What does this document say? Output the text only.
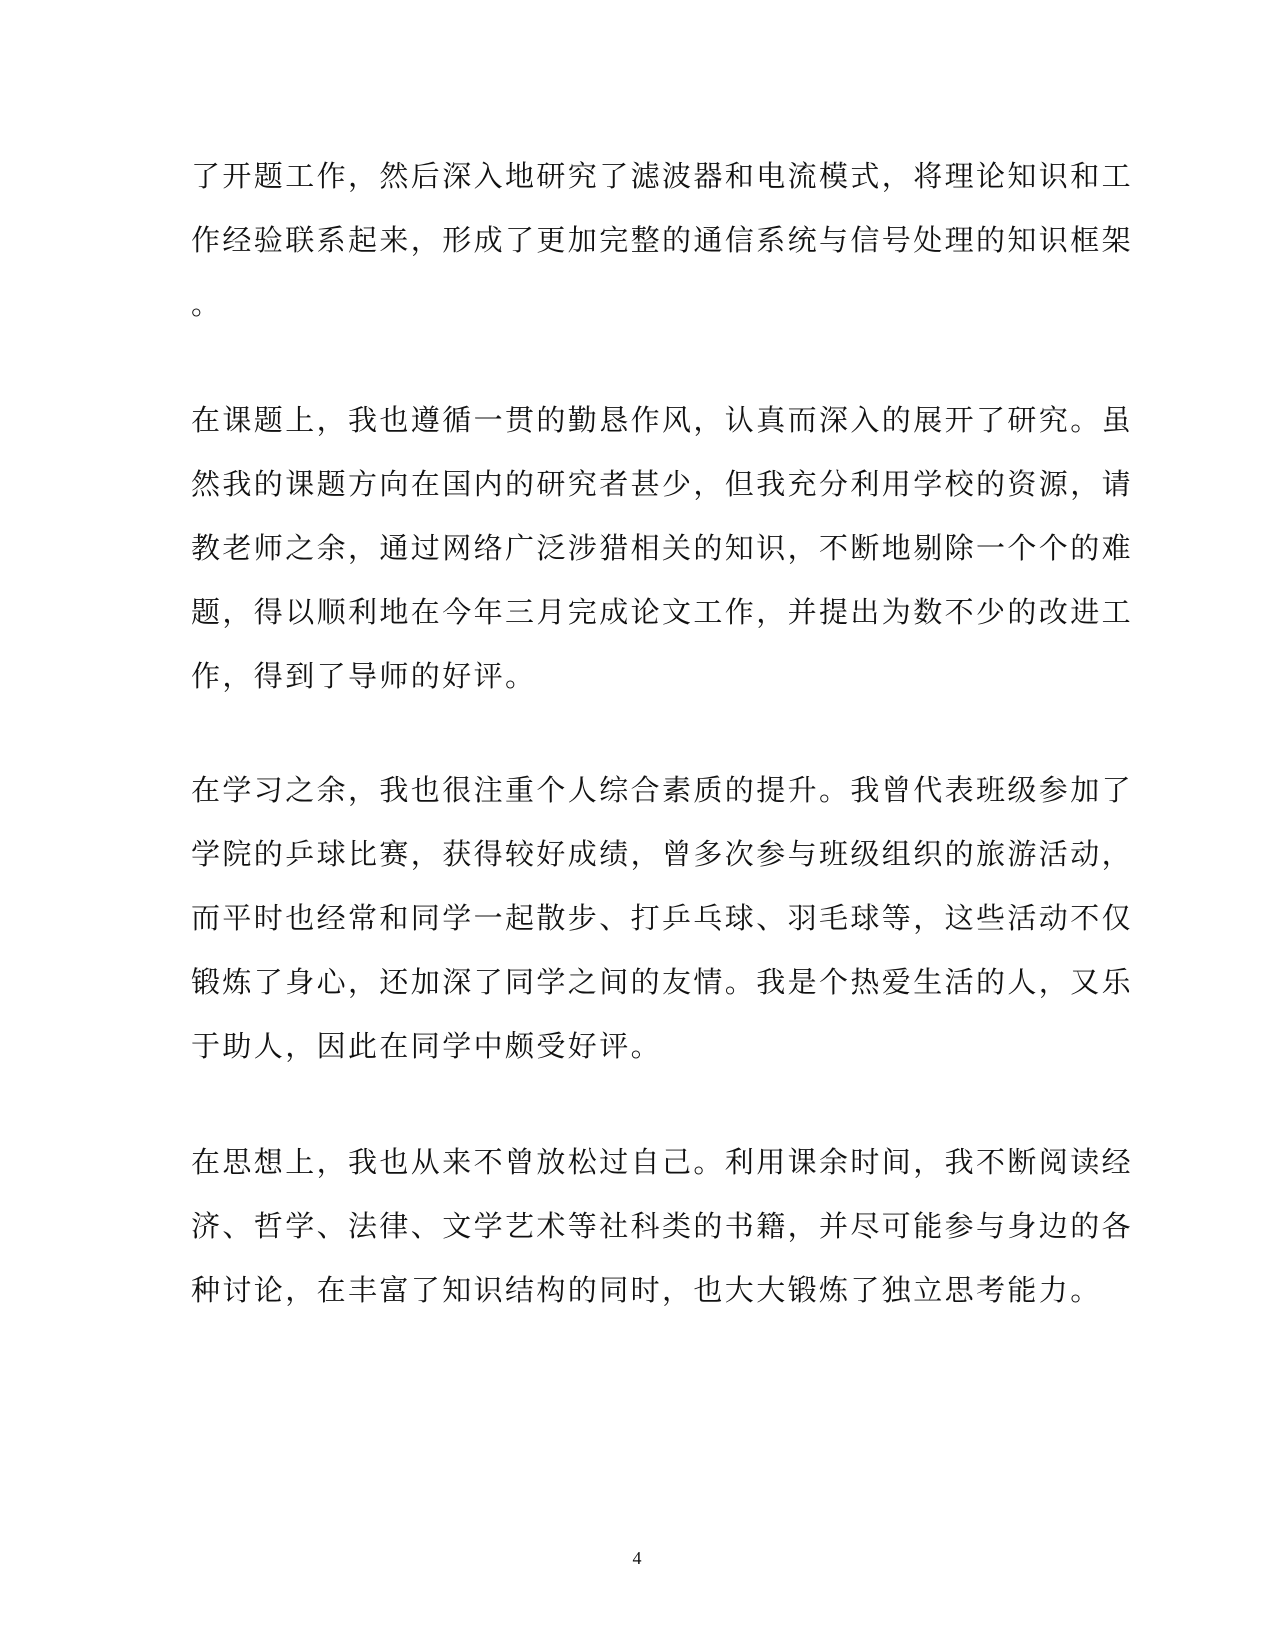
了开题工作，然后深入地研究了滤波器和电流模式，将理论知识和工
作经验联系起来，形成了更加完整的通信系统与信号处理的知识框架
。
在课题上，我也遵循一贯的勤恳作风，认真而深入的展开了研究。虽
然我的课题方向在国内的研究者甚少，但我充分利用学校的资源，请
教老师之余，通过网络广泛涉猎相关的知识，不断地剔除一个个的难
题，得以顺利地在今年三月完成论文工作，并提出为数不少的改进工
作，得到了导师的好评。
在学习之余，我也很注重个人综合素质的提升。我曾代表班级参加了
学院的乒球比赛，获得较好成绩，曾多次参与班级组织的旅游活动，
而平时也经常和同学一起散步、打乒乓球、羽毛球等，这些活动不仅
锻炼了身心，还加深了同学之间的友情。我是个热爱生活的人，又乐
于助人，因此在同学中颇受好评。
在思想上，我也从来不曾放松过自己。利用课余时间，我不断阅读经
济、哲学、法律、文学艺术等社科类的书籍，并尽可能参与身边的各
种讨论，在丰富了知识结构的同时，也大大锻炼了独立思考能力。
4
